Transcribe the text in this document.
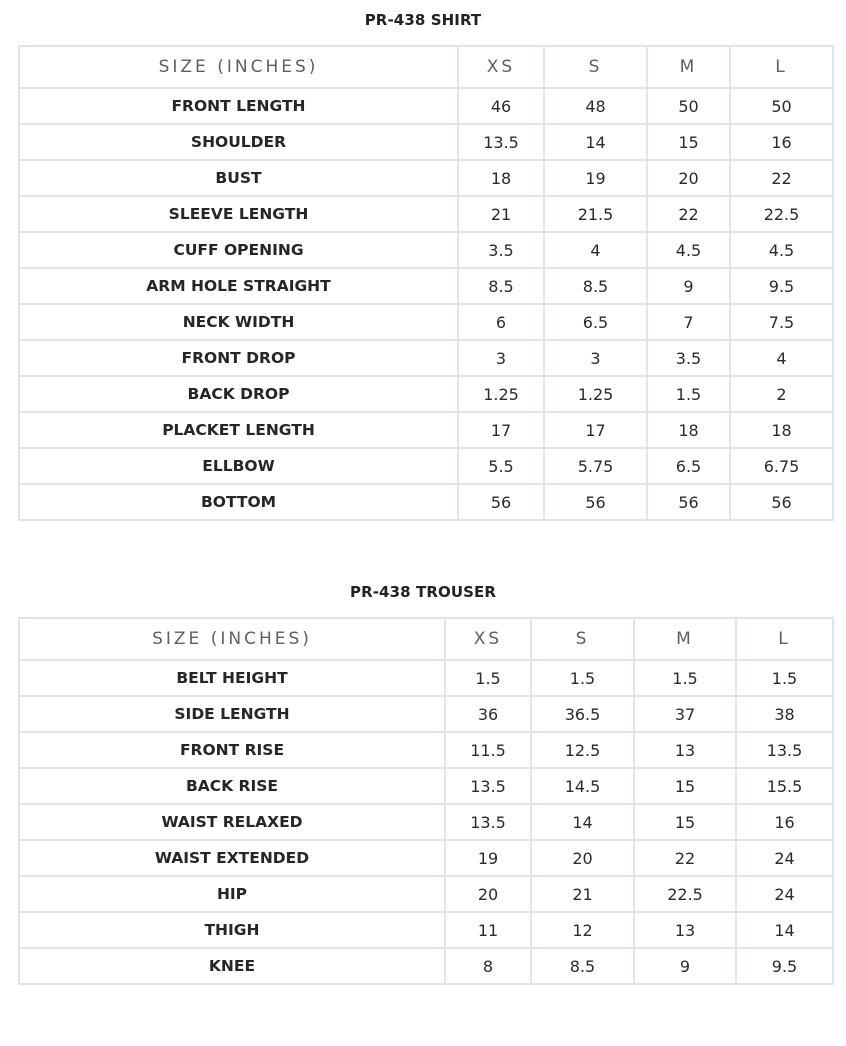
PR-438 SHIRT
SIZE (INCHES)	XS	S	M	L
FRONT LENGTH	46	48	50	50
SHOULDER	13.5	14	15	16
BUST	18	19	20	22
SLEEVE LENGTH	21	21.5	22	22.5
CUFF OPENING	3.5	4	4.5	4.5
ARM HOLE STRAIGHT	8.5	8.5	9	9.5
NECK WIDTH	6	6.5	7	7.5
FRONT DROP	3	3	3.5	4
BACK DROP	1.25	1.25	1.5	2
PLACKET LENGTH	17	17	18	18
ELLBOW	5.5	5.75	6.5	6.75
BOTTOM	56	56	56	56
PR-438 TROUSER
SIZE (INCHES)	XS	S	M	L
BELT HEIGHT	1.5	1.5	1.5	1.5
SIDE LENGTH	36	36.5	37	38
FRONT RISE	11.5	12.5	13	13.5
BACK RISE	13.5	14.5	15	15.5
WAIST RELAXED	13.5	14	15	16
WAIST EXTENDED	19	20	22	24
HIP	20	21	22.5	24
THIGH	11	12	13	14
KNEE	8	8.5	9	9.5
